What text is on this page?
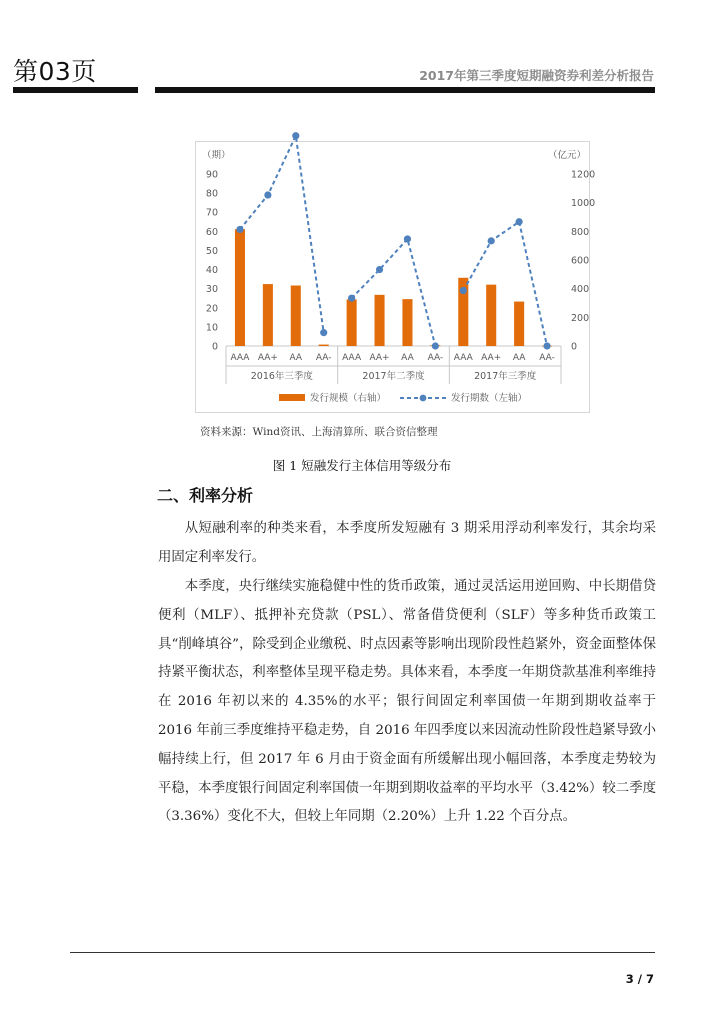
第03页	2017年第三季度短期融资券利差分析报告
（期）	（亿元）
0
10
20
30
40
50
60
70
80
90
0
200
400
600
800
1000
1200
AAA AA+ AA AA- AAA AA+ AA AA- AAA AA+ AA AA-
2016年三季度	2017年二季度	2017年三季度
发行规模（右轴）	发行期数（左轴）
资料来源：Wind资讯、上海清算所、联合资信整理
图 1 短融发行主体信用等级分布
二、利率分析

从短融利率的种类来看，本季度所发短融有 3 期采用浮动利率发行，其余均采用固定利率发行。

本季度，央行继续实施稳健中性的货币政策，通过灵活运用逆回购、中长期借贷便利（MLF）、抵押补充贷款（PSL）、常备借贷便利（SLF）等多种货币政策工具“削峰填谷”，除受到企业缴税、时点因素等影响出现阶段性趋紧外，资金面整体保持紧平衡状态，利率整体呈现平稳走势。具体来看，本季度一年期贷款基准利率维持在 2016 年初以来的 4.35%的水平；银行间固定利率国债一年期到期收益率于 2016 年前三季度维持平稳走势，自 2016 年四季度以来因流动性阶段性趋紧导致小幅持续上行，但 2017 年 6 月由于资金面有所缓解出现小幅回落，本季度走势较为平稳，本季度银行间固定利率国债一年期到期收益率的平均水平（3.42%）较二季度（3.36%）变化不大，但较上年同期（2.20%）上升 1.22 个百分点。

3 / 7
